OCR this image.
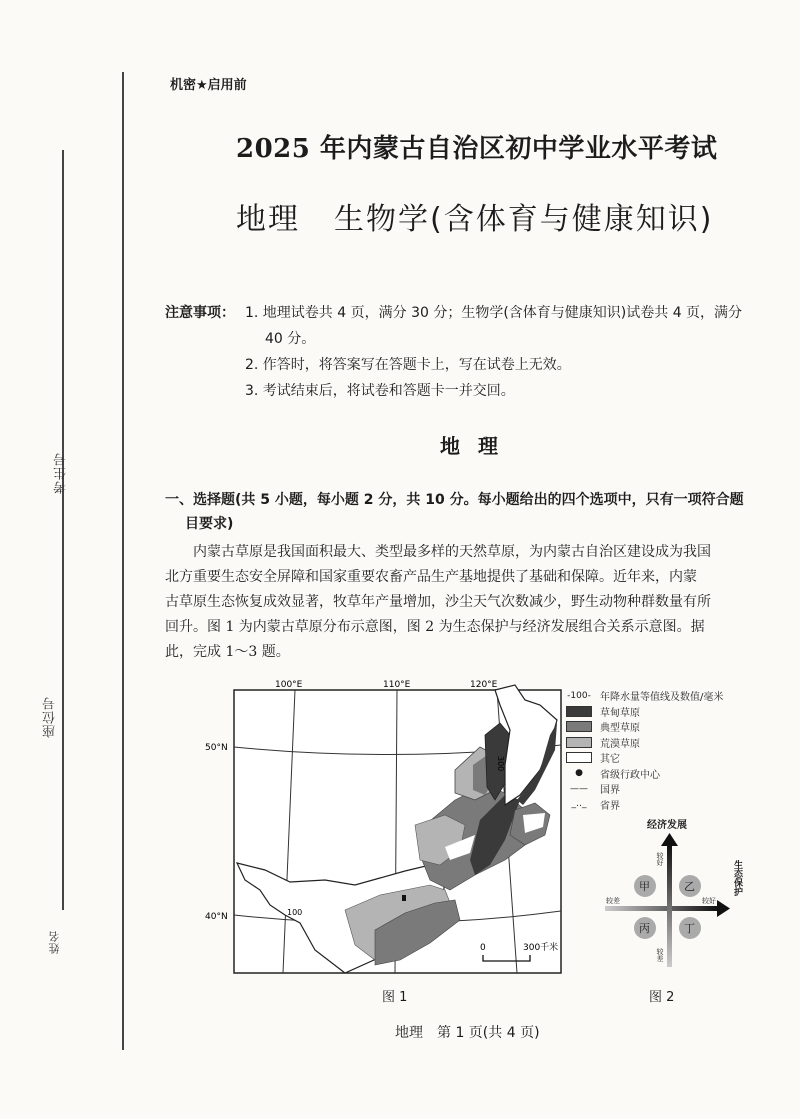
考生号
座位号
姓名
机密★启用前
2025 年内蒙古自治区初中学业水平考试
地理 生物学(含体育与健康知识)
注意事项： 1. 地理试卷共 4 页，满分 30 分；生物学(含体育与健康知识)试卷共 4 页，满分
40 分。
2. 作答时，将答案写在答题卡上，写在试卷上无效。
3. 考试结束后，将试卷和答题卡一并交回。
地理
一、选择题(共 5 小题，每小题 2 分，共 10 分。每小题给出的四个选项中，只有一项符合题
目要求)
　　内蒙古草原是我国面积最大、类型最多样的天然草原，为内蒙古自治区建设成为我国
北方重要生态安全屏障和国家重要农畜产品生产基地提供了基础和保障。近年来，内蒙
古草原生态恢复成效显著，牧草年产量增加，沙尘天气次数减少，野生动物种群数量有所
回升。图 1 为内蒙古草原分布示意图，图 2 为生态保护与经济发展组合关系示意图。据
此，完成 1～3 题。
100°E	110°E	120°E
50°N
40°N	100
300
0	300千米
-100- 年降水量等值线及数值/毫米
草甸草原
典型草原
荒漠草原
其它
●	省级行政中心
——	国界
_‥_	省界
经济发展
生态保护
较好
较差
较差	较好
甲	乙
丙	丁
图 1	图 2
地理　第 1 页(共 4 页)
